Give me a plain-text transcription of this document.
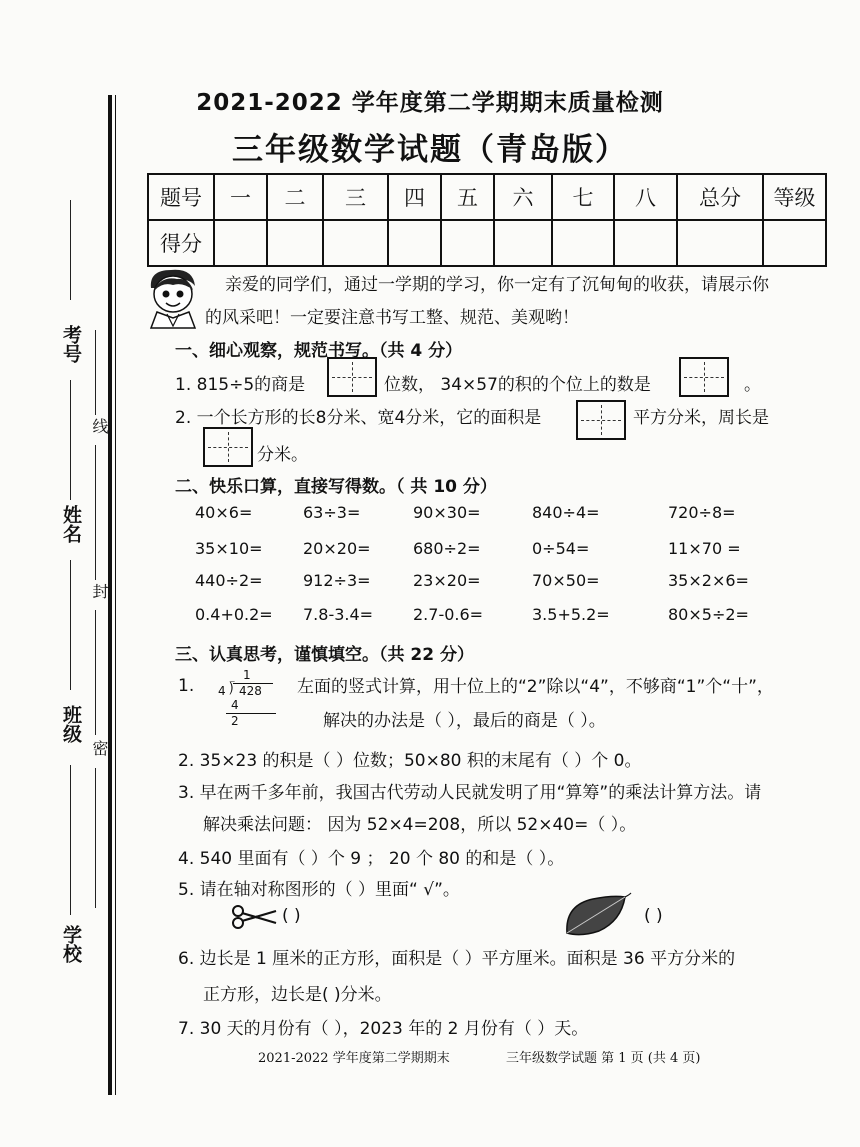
考号
姓名
班级
学校
线
封
密
2021-2022 学年度第二学期期末质量检测
三年级数学试题（青岛版）
题号	一	二	三	四	五	六	七	八	总分	等级
得分										
亲爱的同学们，通过一学期的学习，你一定有了沉甸甸的收获，请展示你
的风采吧！一定要注意书写工整、规范、美观哟！
一、细心观察，规范书写。（共 4 分）
1. 815÷5的商是	位数， 34×57的积的个位上的数是	。
2. 一个长方形的长8分米、宽4分米，它的面积是	平方分米，周长是
分米。
二、快乐口算，直接写得数。（ 共 10 分）
40×6=	63÷3=	90×30=	840÷4=	720÷8=
35×10=	20×20=	680÷2=	0÷54=	11×70 =
440÷2=	912÷3=	23×20=	70×50=	35×2×6=
0.4+0.2= 7.8-3.4= 2.7-0.6=	3.5+5.2=	80×5÷2=
三、认真思考，谨慎填空。（共 22 分）
1.
1
4 ⟌ 428
4
2
左面的竖式计算，用十位上的“2”除以“4”，不够商“1”个“十”，
解决的办法是（ ），最后的商是（ ）。
2. 35×23 的积是（ ）位数；50×80 积的末尾有（ ）个 0。
3. 早在两千多年前，我国古代劳动人民就发明了用“算筹”的乘法计算方法。请
解决乘法问题： 因为 52×4=208，所以 52×40=（ ）。
4. 540 里面有（ ）个 9 ； 20 个 80 的和是（ ）。
5. 请在轴对称图形的（ ）里面“ √”。
( )	( )
6. 边长是 1 厘米的正方形，面积是（ ）平方厘米。面积是 36 平方分米的
正方形，边长是( )分米。
7. 30 天的月份有（ ），2023 年的 2 月份有（ ）天。
2021-2022 学年度第二学期期末	三年级数学试题 第 1 页 (共 4 页)
